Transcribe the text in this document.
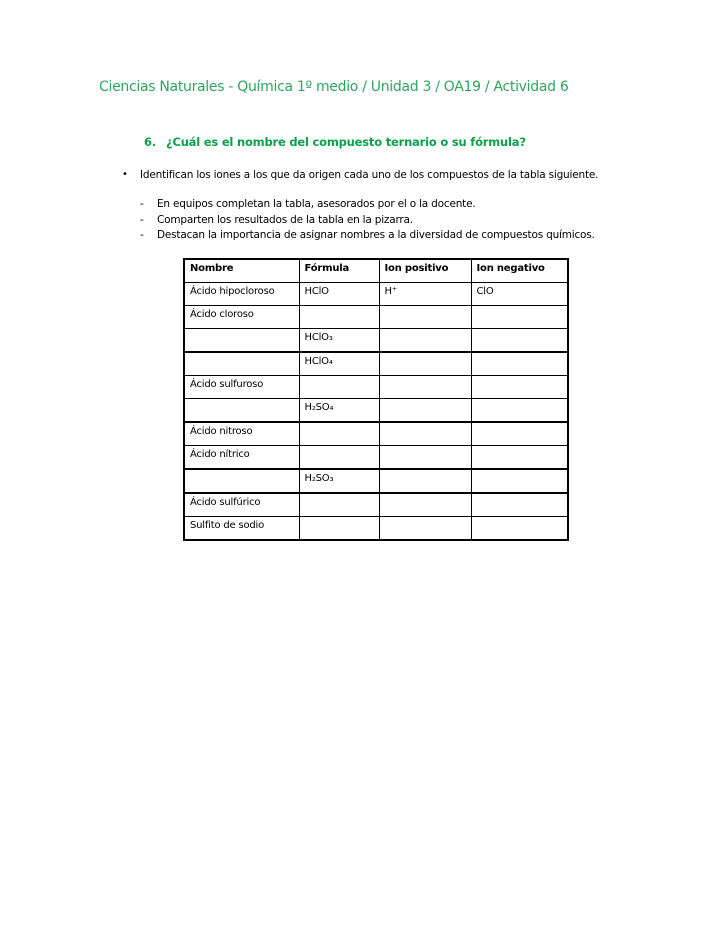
Ciencias Naturales - Química 1º medio / Unidad 3 / OA19 / Actividad 6
6. ¿Cuál es el nombre del compuesto ternario o su fórmula?
•	Identifican los iones a los que da origen cada uno de los compuestos de la tabla siguiente.
-	En equipos completan la tabla, asesorados por el o la docente.
-	Comparten los resultados de la tabla en la pizarra.
-	Destacan la importancia de asignar nombres a la diversidad de compuestos químicos.
Nombre	Fórmula	Ion positivo	Ion negativo
Ácido hipocloroso	HClO	H⁺	ClO
Ácido cloroso			
	HClO₃		
	HClO₄		
Ácido sulfuroso			
	H₂SO₄		
Ácido nitroso			
Ácido nítrico			
	H₂SO₃		
Ácido sulfúrico			
Sulfito de sodio			
